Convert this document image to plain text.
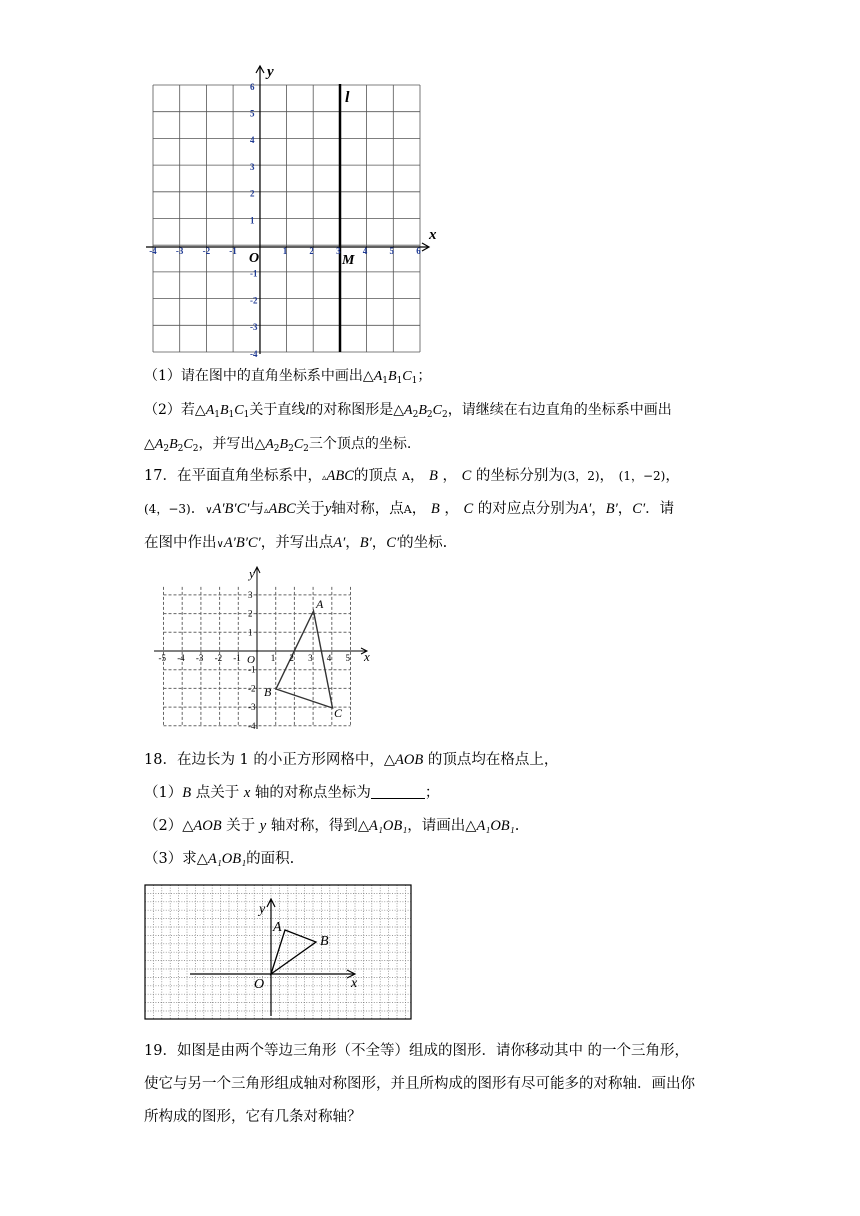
-4 -3 -2 -1	1 2 3 4 5 6
6
5
4
3
2
1
-1
-2
-3
-4
y
x
O
l
M
（1）请在图中的直角坐标系中画出$\triangle A_1B_1C_1$；
（2）若$\triangle A_1B_1C_1$关于直线l的对称图形是$\triangle A_2B_2C_2$，请继续在右边直角的坐标系中画出
$\triangle A_2B_2C_2$，并写出$\triangle A_2B_2C_2$三个顶点的坐标.
17．在平面直角坐标系中，▵ABC的顶点 A， B ， C 的坐标分别为(3，2)， (1，−2)，
(4，−3)．∨A′B′C′与▵ABC关于y轴对称，点A， B ， C 的对应点分别为A′，B′，C′．请
在图中作出∨A′B′C′，并写出点A′，B′，C′的坐标.
-5 -4 -3 -2 -1	1 2 3 4 5
3
2
1
-1
-2
-3
-4
y
x
O
A
B
C
18．在边长为 1 的小正方形网格中，△AOB 的顶点均在格点上，
（1）B 点关于 x 轴的对称点坐标为	；
（2）△AOB 关于 y 轴对称，得到△A₁OB₁，请画出△A₁OB₁.
（3）求△A₁OB₁的面积.
y
x
O
A
B
19．如图是由两个等边三角形（不全等）组成的图形．请你移动其中 的一个三角形，
使它与另一个三角形组成轴对称图形，并且所构成的图形有尽可能多的对称轴．画出你
所构成的图形，它有几条对称轴？
